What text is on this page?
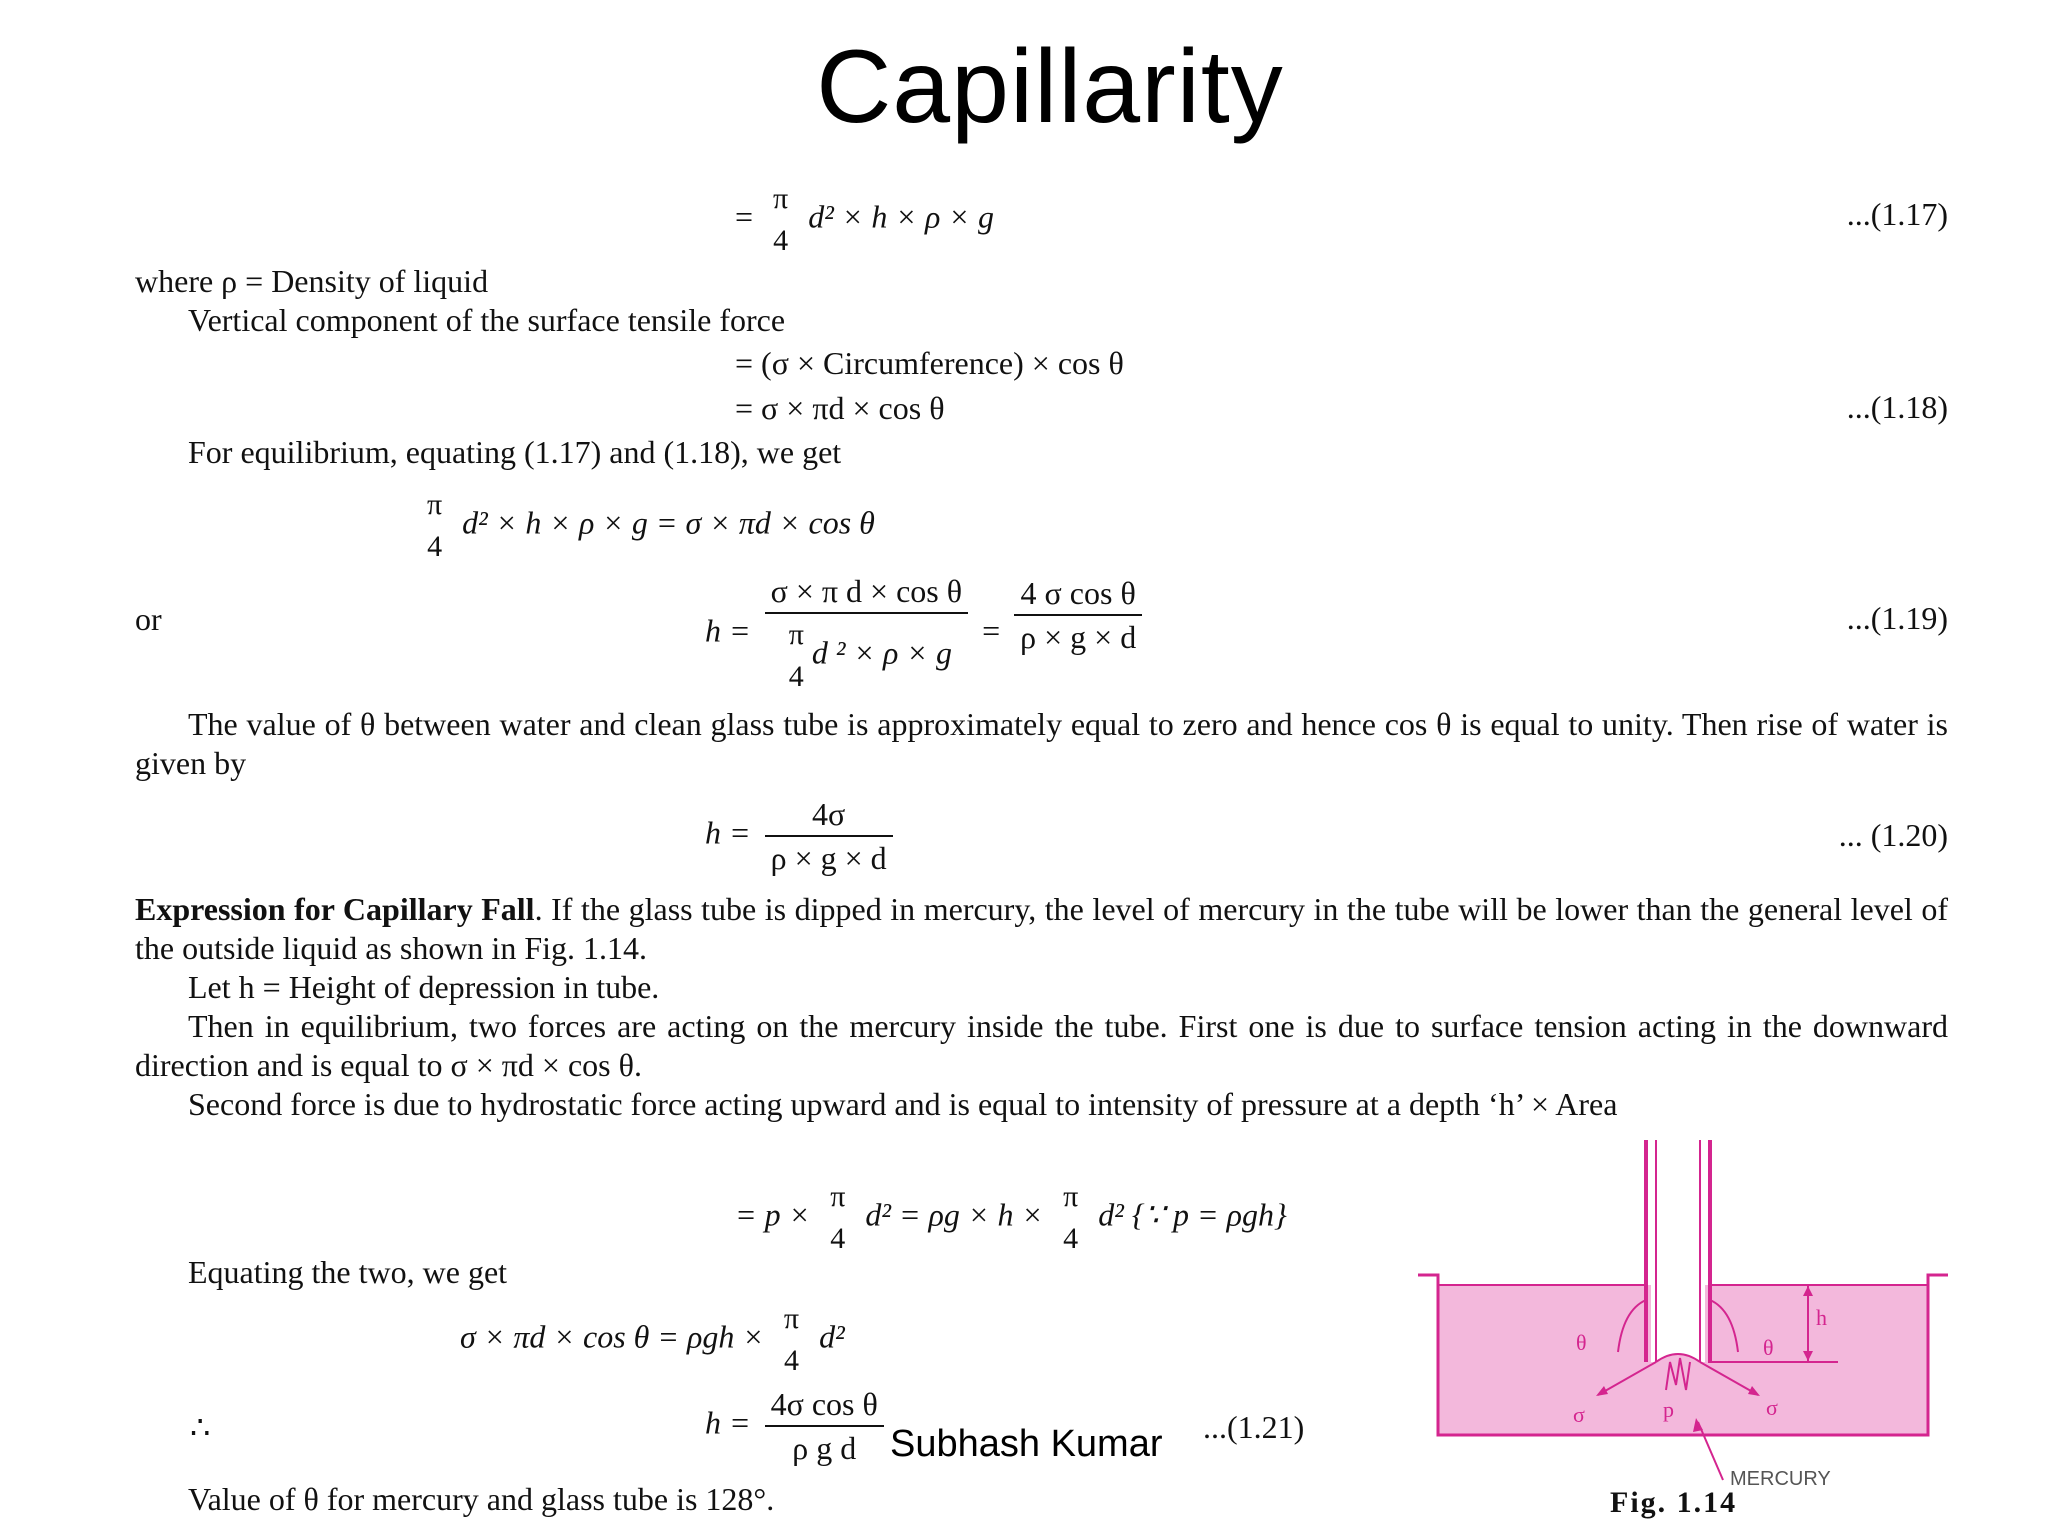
Capillarity
= π
4
d² × h × ρ × g	...(1.17)
where ρ = Density of liquid
Vertical component of the surface tensile force
= (σ × Circumference) × cos θ
= σ × πd × cos θ	...(1.18)
For equilibrium, equating (1.17) and (1.18), we get
π
4
d² × h × ρ × g = σ × πd × cos θ
or	h = σ × π d × cos θ
π
4
d $^2 \times \rho \times g = \frac{\text{4 σ cos θ}}{\rho \times g \times d}$	...(1.19)
The value of θ between water and clean glass tube is approximately equal to zero and hence cos θ is equal to unity. Then rise of water is given by
$h = \frac{4\sigma}{\rho \times g \times d}$	... (1.20)
Expression for Capillary Fall. If the glass tube is dipped in mercury, the level of mercury in the tube will be lower than the general level of the outside liquid as shown in Fig. 1.14.
Let h = Height of depression in tube.
Then in equilibrium, two forces are acting on the mercury inside the tube. First one is due to surface tension acting in the downward direction and is equal to σ × πd × cos θ.
Second force is due to hydrostatic force acting upward and is equal to intensity of pressure at a depth ‘h’ × Area
= p × π
4
d² = ρg × h × π
4
d² {∵ p = ρgh}
Equating the two, we get
σ × πd × cos θ = ρgh × π
4
d²
∴	$h = \frac{\text{4σ cos θ}}{\text{ρ g d}}$	...(1.21)
Value of θ for mercury and glass tube is 128°.
h
θ	θ
σ	σ
p
MERCURY
Fig. 1.14
Subhash Kumar
